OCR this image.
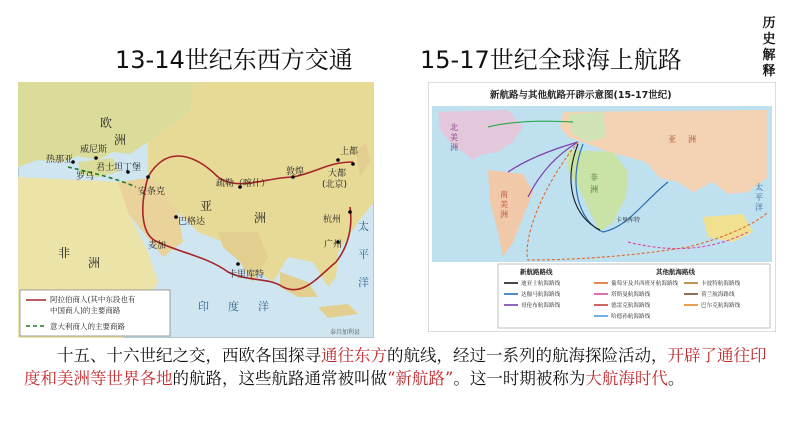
历
史
解
释
13-14世纪东西方交通	15-17世纪全球海上航路
欧
洲
热那亚
威尼斯
君士坦丁堡
罗马
安条克
巴格达
麦加
疏勒（喀什）
敦煌
上都
大都
(北京)
杭州
广州
卡里库特
亚
洲
非
洲
太
平
洋
印 度 洋
阿拉伯商人(其中东段也有
中国商人)的主要商路
意大利商人的主要商路
泰昌加利县
新航路与其他航路开辟示意图(15-17世纪)
北
美
洲
南
美
洲
非
洲
亚 洲
太
平
洋
卡里库特
新航路路线	其他航海路线
迪亚士航海路线	葡萄牙及其西班牙航海路线	卡波特航海路线
达伽马航海路线	塔斯曼航海路线	荷兰航海路线
哥伦布航海路线	德雷克航海路线	巴尔克航海路线
哈德孙航海路线
  十五、十六世纪之交，西欧各国探寻通往东方的航线，经过一系列的航海探险活动，开辟了通往印度和美洲等世界各地的航路，这些航路通常被叫做“新航路”。这一时期被称为大航海时代。
